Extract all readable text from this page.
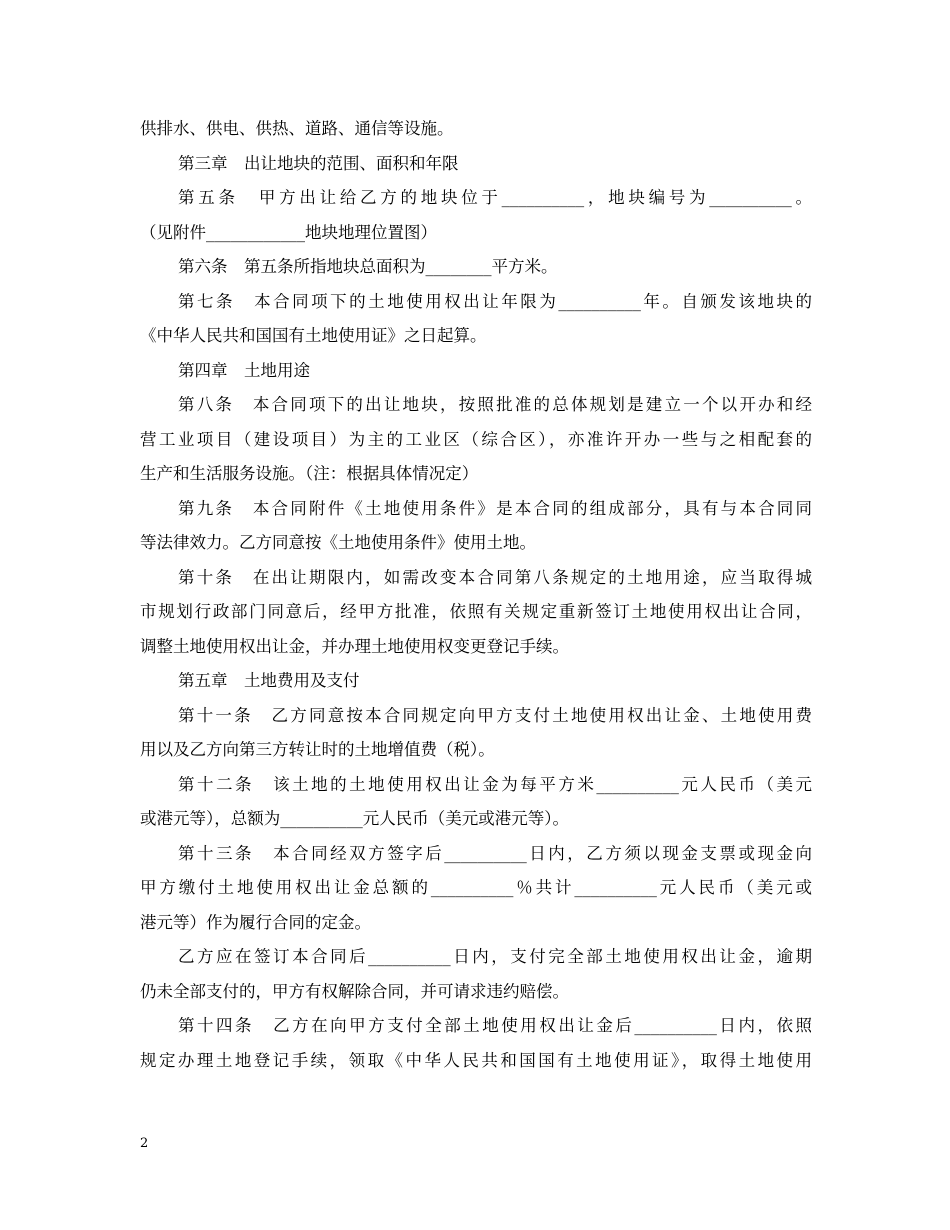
供排水、供电、供热、道路、通信等设施。
第三章　出让地块的范围、面积和年限
第五条　甲方出让给乙方的地块位于__________，地块编号为__________。
（见附件____________地块地理位置图）
第六条　第五条所指地块总面积为________平方米。
第七条　本合同项下的土地使用权出让年限为__________年。自颁发该地块的
《中华人民共和国国有土地使用证》之日起算。
第四章　土地用途
第八条　本合同项下的出让地块，按照批准的总体规划是建立一个以开办和经
营工业项目（建设项目）为主的工业区（综合区），亦准许开办一些与之相配套的
生产和生活服务设施。（注：根据具体情况定）
第九条　本合同附件《土地使用条件》是本合同的组成部分，具有与本合同同
等法律效力。乙方同意按《土地使用条件》使用土地。
第十条　在出让期限内，如需改变本合同第八条规定的土地用途，应当取得城
市规划行政部门同意后，经甲方批准，依照有关规定重新签订土地使用权出让合同，
调整土地使用权出让金，并办理土地使用权变更登记手续。
第五章　土地费用及支付
第十一条　乙方同意按本合同规定向甲方支付土地使用权出让金、土地使用费
用以及乙方向第三方转让时的土地增值费（税）。
第十二条　该土地的土地使用权出让金为每平方米__________元人民币（美元
或港元等），总额为__________元人民币（美元或港元等）。
第十三条　本合同经双方签字后__________日内，乙方须以现金支票或现金向
甲方缴付土地使用权出让金总额的__________％共计__________元人民币（美元或
港元等）作为履行合同的定金。
乙方应在签订本合同后__________日内，支付完全部土地使用权出让金，逾期
仍未全部支付的，甲方有权解除合同，并可请求违约赔偿。
第十四条　乙方在向甲方支付全部土地使用权出让金后__________日内，依照
规定办理土地登记手续，领取《中华人民共和国国有土地使用证》，取得土地使用
2
